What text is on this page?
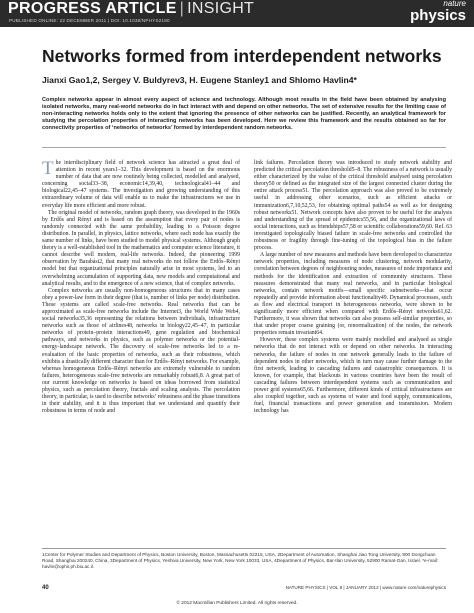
PROGRESS ARTICLE | INSIGHT
PUBLISHED ONLINE: 22 DECEMBER 2011 | DOI: 10.1038/NPHYS2180
nature
physics
Networks formed from interdependent networks
Jianxi Gao1,2, Sergey V. Buldyrev3, H. Eugene Stanley1 and Shlomo Havlin4*
Complex networks appear in almost every aspect of science and technology. Although most results in the field have been obtained by analysing isolated networks, many real-world networks do in fact interact with and depend on other networks. The set of extensive results for the limiting case of non-interacting networks holds only to the extent that ignoring the presence of other networks can be justified. Recently, an analytical framework for studying the percolation properties of interacting networks has been developed. Here we review this framework and the results obtained so far for connectivity properties of ‘networks of networks’ formed by interdependent random networks.

The interdisciplinary field of network science has attracted a great deal of attention in recent years1–32. This development is based on the enormous number of data that are now routinely being collected, modelled and analysed, concerning social33–38, economic14,39,40, technological41–44 and biological22,45–47 systems. The investigation and growing understanding of this extraordinary volume of data will enable us to make the infrastructures we use in everyday life more efficient and more robust.

The original model of networks, random graph theory, was developed in the 1960s by Erdős and Rényi and is based on the assumption that every pair of nodes is randomly connected with the same probability, leading to a Poisson degree distribution. In parallel, in physics, lattice networks, where each node has exactly the same number of links, have been studied to model physical systems. Although graph theory is a well-established tool in the mathematics and computer science literature, it cannot describe well modern, real-life networks. Indeed, the pioneering 1999 observation by Barabási2, that many real networks do not follow the Erdős–Rényi model but that organizational principles naturally arise in most systems, led to an overwhelming accumulation of supporting data, new models and computational and analytical results, and to the emergence of a new science, that of complex networks.

Complex networks are usually non-homogeneous structures that in many cases obey a power-law form in their degree (that is, number of links per node) distribution. These systems are called scale-free networks. Real networks that can be approximated as scale-free networks include the Internet3, the World Wide Web4, social networks35,36 representing the relations between individuals, infrastructure networks such as those of airlines48, networks in biology22,45–47, in particular networks of protein–protein interactions49, gene regulation and biochemical pathways, and networks in physics, such as polymer networks or the potential-energy-landscape network. The discovery of scale-free networks led to a re-evaluation of the basic properties of networks, such as their robustness, which exhibits a drastically different character than for Erdős–Rényi networks. For example, whereas homogeneous Erdős–Rényi networks are extremely vulnerable to random failures, heterogeneous scale-free networks are remarkably robust6,8. A great part of our current knowledge on networks is based on ideas borrowed from statistical physics, such as percolation theory, fractals and scaling analysis. The percolation theory, in particular, is used to describe networks’ robustness and the phase transitions in their stability, and it is thus important that we understand and quantify their robustness in terms of node and

link failures. Percolation theory was introduced to study network stability and predicted the critical percolation threshold5–8. The robustness of a network is usually either characterized by the value of the critical threshold analysed using percolation theory50 or defined as the integrated size of the largest connected cluster during the entire attack process51. The percolation approach was also proved to be extremely useful in addressing other scenarios, such as efficient attacks or immunization6,7,10,52,53, for obtaining optimal paths54 as well as for designing robust networks51. Network concepts have also proven to be useful for the analysis and understanding of the spread of epidemics55,56, and the organizational laws of social interactions, such as friendships57,58 or scientific collaborations59,60. Ref. 63 investigated topologically biased failure in scale-free networks and controlled the robustness or fragility through fine-tuning of the topological bias in the failure process.

A large number of new measures and methods have been developed to characterize network properties, including measures of node clustering, network modularity, correlation between degrees of neighbouring nodes, measures of node importance and methods for the identification and extraction of community structures. These measures demonstrated that many real networks, and in particular biological networks, contain network motifs—small specific subnetworks—that occur repeatedly and provide information about functionality49. Dynamical processes, such as flow and electrical transport in heterogeneous networks, were shown to be significantly more efficient when compared with Erdős–Rényi networks61,62. Furthermore, it was shown that networks can also possess self-similar properties, so that under proper coarse graining (or, renormalization) of the nodes, the network properties remain invariant64.

However, these complex systems were mainly modelled and analysed as single networks that do not interact with or depend on other networks. In interacting networks, the failure of nodes in one network generally leads to the failure of dependent nodes in other networks, which in turn may cause further damage to the first network, leading to cascading failures and catastrophic consequences. It is known, for example, that blackouts in various countries have been the result of cascading failures between interdependent systems such as communication and power grid systems65,66. Furthermore, different kinds of critical infrastructures are also coupled together, such as systems of water and food supply, communications, fuel, financial transactions and power generation and transmission. Modern technology has

1Center for Polymer Studies and Department of Physics, Boston University, Boston, Massachusetts 02215, USA, 2Department of Automation, Shanghai Jiao Tong University, 800 Dongchuan Road, Shanghai 200240, China, 3Department of Physics, Yeshiva University, New York, New York 10033, USA, 4Department of Physics, Bar-Ilan University, 52900 Ramat-Gan, Israel. *e-mail: havlin@ophir.ph.biu.ac.il.
40	NATURE PHYSICS | VOL 8 | JANUARY 2012 | www.nature.com/naturephysics
© 2012 Macmillan Publishers Limited. All rights reserved.
